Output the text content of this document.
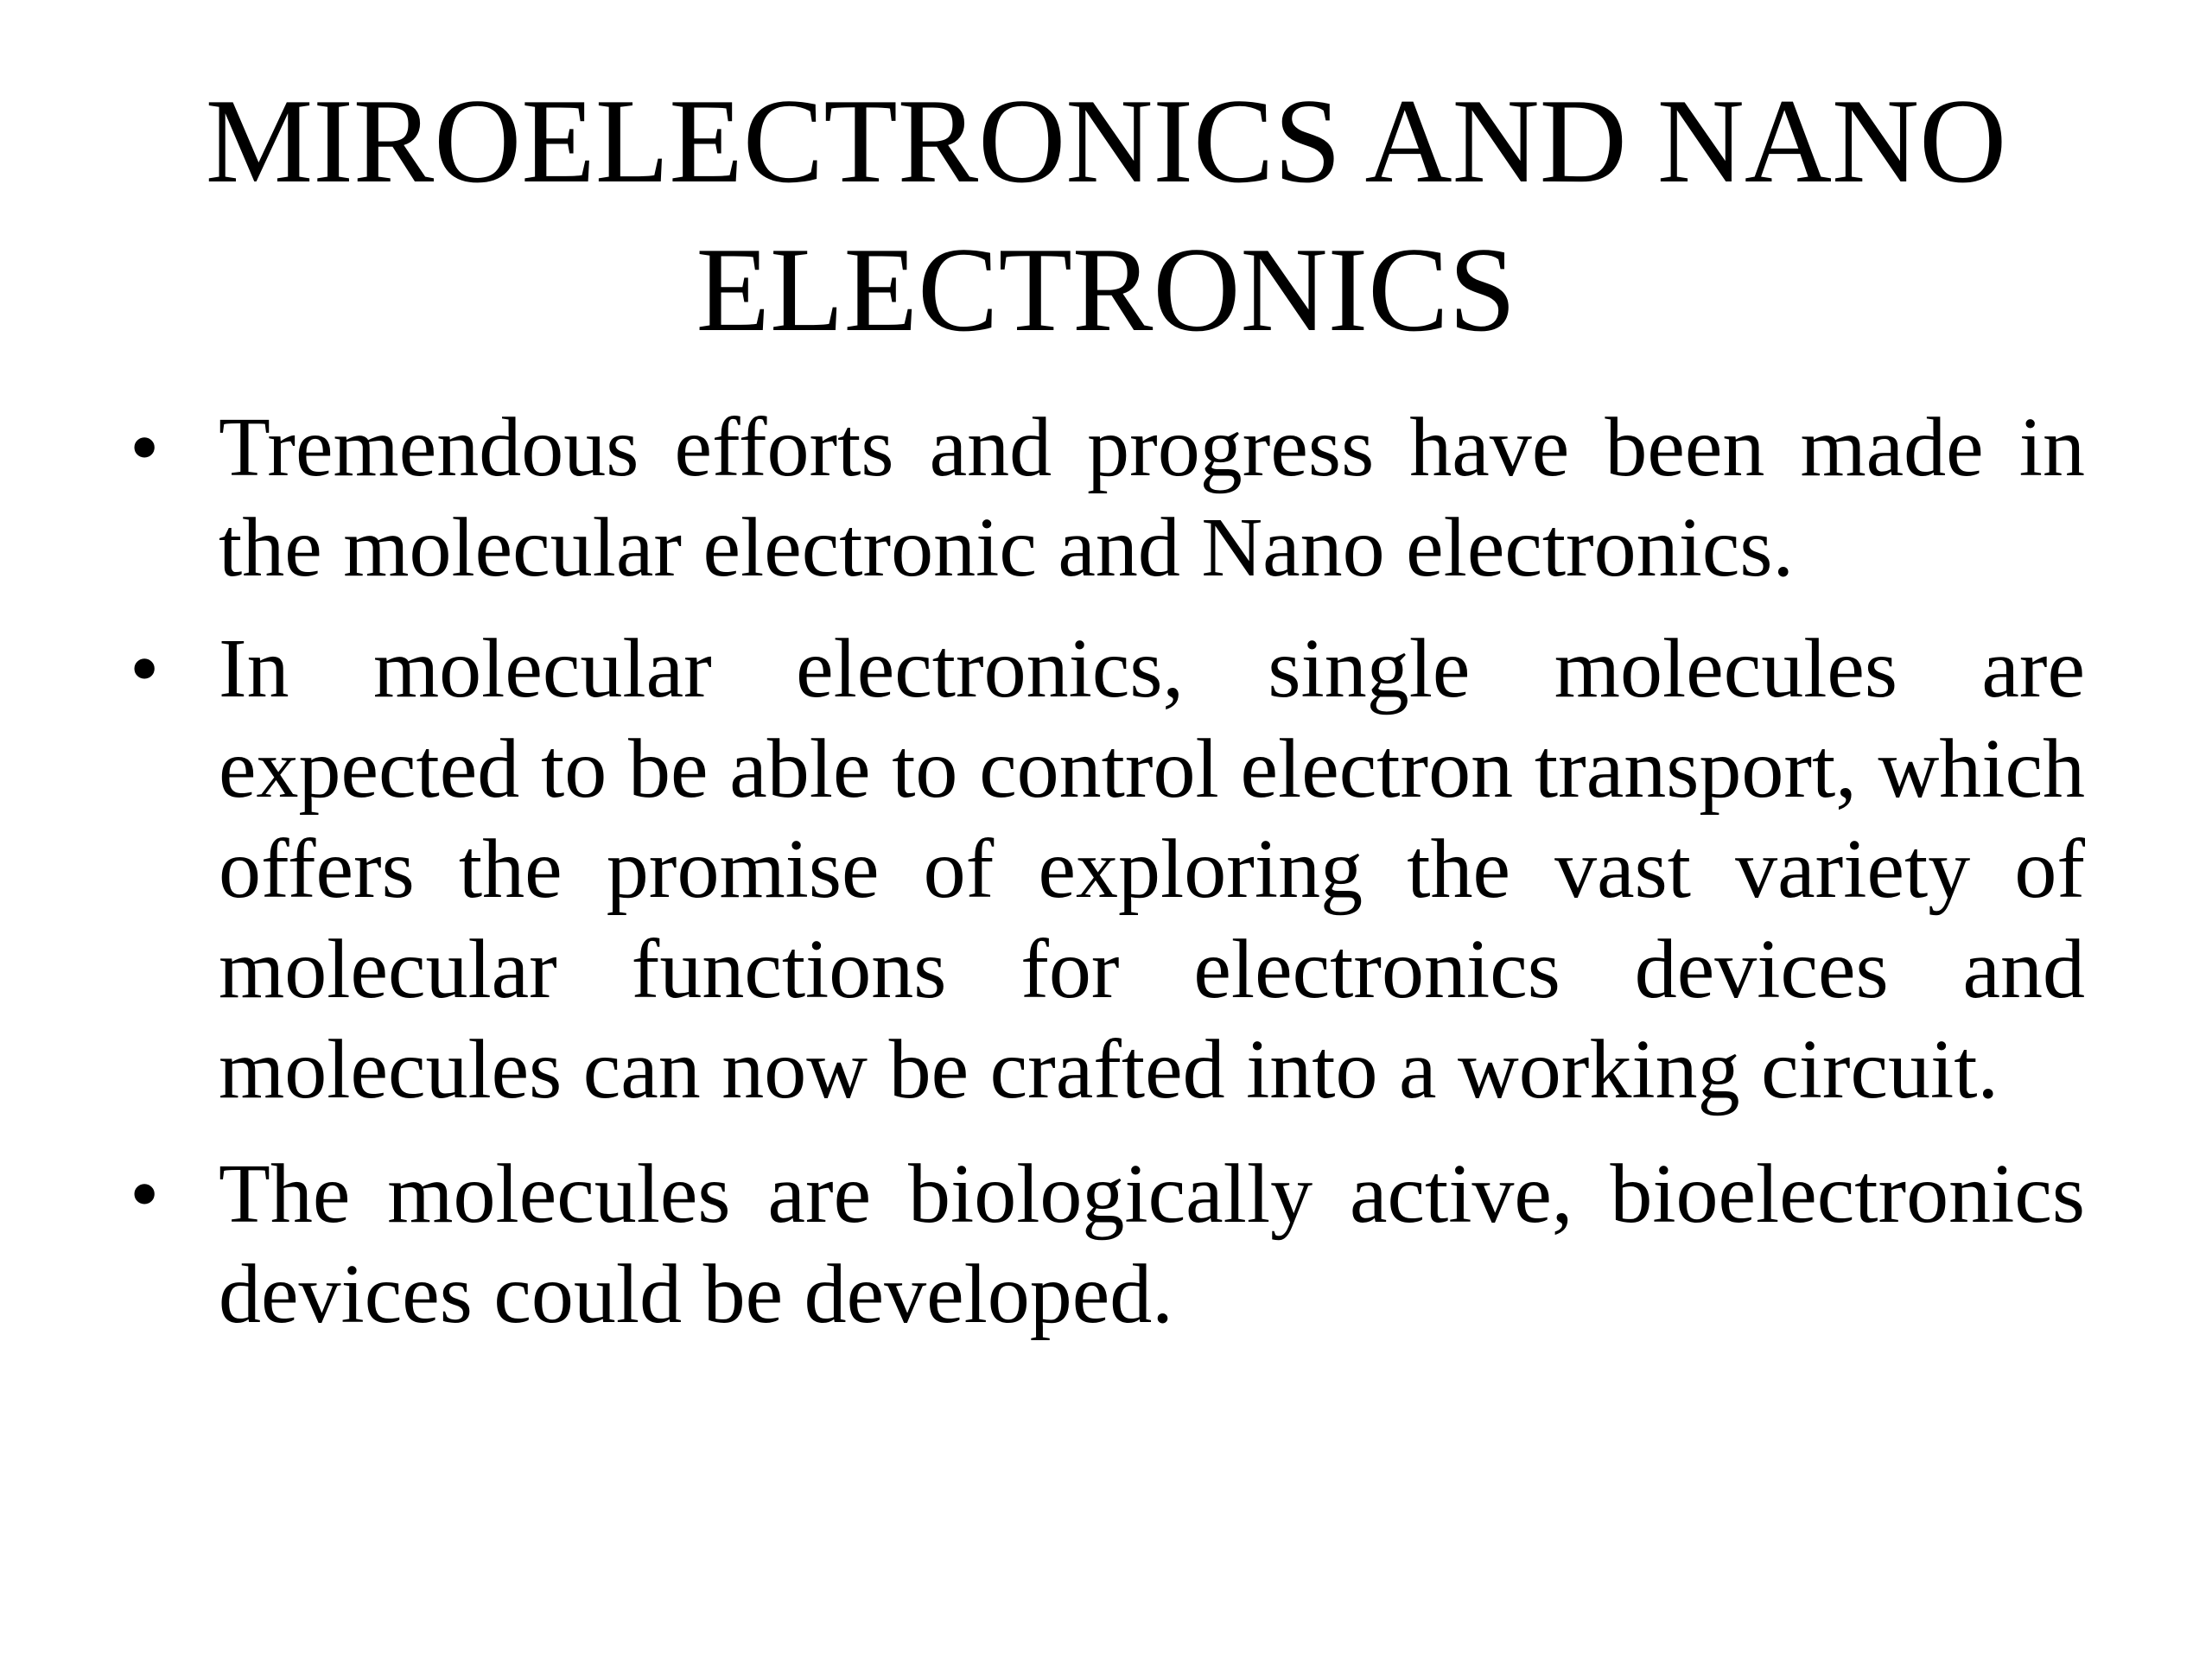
MIROELECTRONICS AND NANO
ELECTRONICS
• Tremendous efforts and progress have been made in the molecular electronic and Nano electronics.
• In molecular electronics, single molecules are expected to be able to control electron transport, which offers the promise of exploring the vast variety of molecular functions for electronics devices and molecules can now be crafted into a working circuit.
• The molecules are biologically active, bioelectronics devices could be developed.
